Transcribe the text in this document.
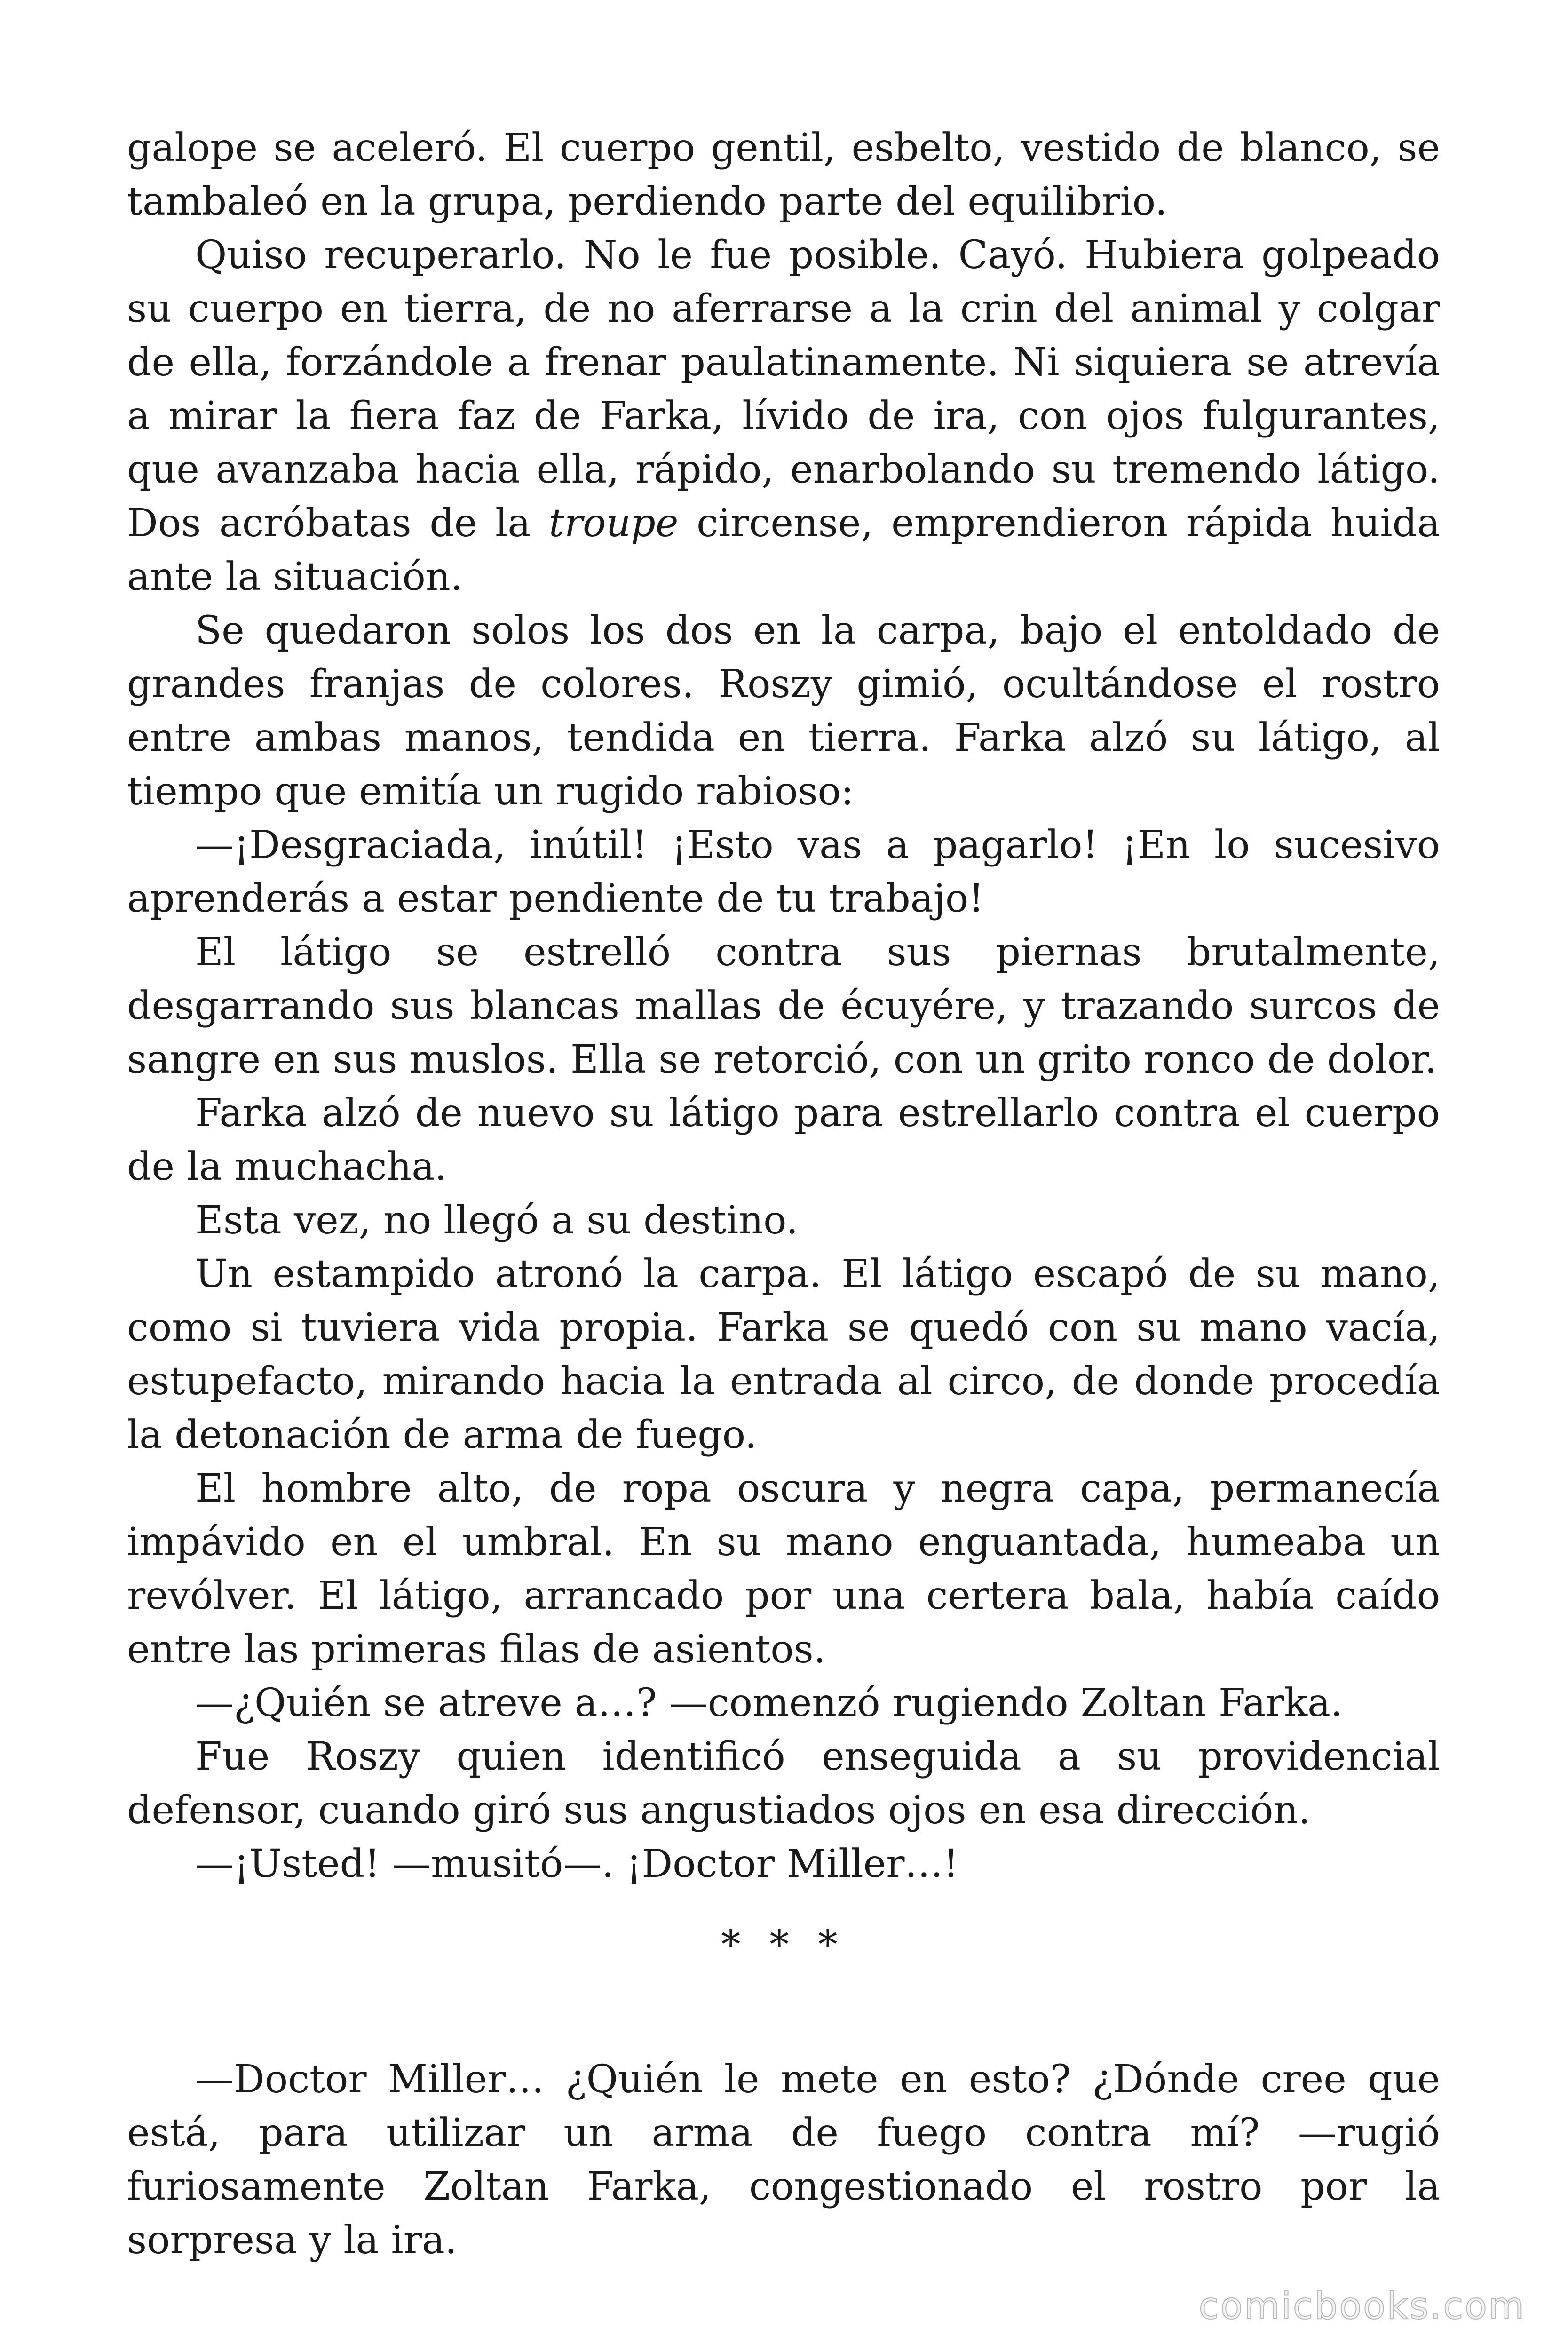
galope se aceleró. El cuerpo gentil, esbelto, vestido de blanco, se tambaleó en la grupa, perdiendo parte del equilibrio.

Quiso recuperarlo. No le fue posible. Cayó. Hubiera golpeado su cuerpo en tierra, de no aferrarse a la crin del animal y colgar de ella, forzándole a frenar paulatinamente. Ni siquiera se atrevía a mirar la fiera faz de Farka, lívido de ira, con ojos fulgurantes, que avanzaba hacia ella, rápido, enarbolando su tremendo látigo. Dos acróbatas de la troupe circense, emprendieron rápida huida ante la situación.

Se quedaron solos los dos en la carpa, bajo el entoldado de grandes franjas de colores. Roszy gimió, ocultándose el rostro entre ambas manos, tendida en tierra. Farka alzó su látigo, al tiempo que emitía un rugido rabioso:

—¡Desgraciada, inútil! ¡Esto vas a pagarlo! ¡En lo sucesivo aprenderás a estar pendiente de tu trabajo!

El látigo se estrelló contra sus piernas brutalmente, desgarrando sus blancas mallas de écuyére, y trazando surcos de sangre en sus muslos. Ella se retorció, con un grito ronco de dolor.

Farka alzó de nuevo su látigo para estrellarlo contra el cuerpo de la muchacha.

Esta vez, no llegó a su destino.

Un estampido atronó la carpa. El látigo escapó de su mano, como si tuviera vida propia. Farka se quedó con su mano vacía, estupefacto, mirando hacia la entrada al circo, de donde procedía la detonación de arma de fuego.

El hombre alto, de ropa oscura y negra capa, permanecía impávido en el umbral. En su mano enguantada, humeaba un revólver. El látigo, arrancado por una certera bala, había caído entre las primeras filas de asientos.

—¿Quién se atreve a…? —comenzó rugiendo Zoltan Farka.

Fue Roszy quien identificó enseguida a su providencial defensor, cuando giró sus angustiados ojos en esa dirección.

—¡Usted! —musitó—. ¡Doctor Miller…!

* * *

—Doctor Miller… ¿Quién le mete en esto? ¿Dónde cree que está, para utilizar un arma de fuego contra mí? —rugió furiosamente Zoltan Farka, congestionado el rostro por la sorpresa y la ira.

comicbooks.com
